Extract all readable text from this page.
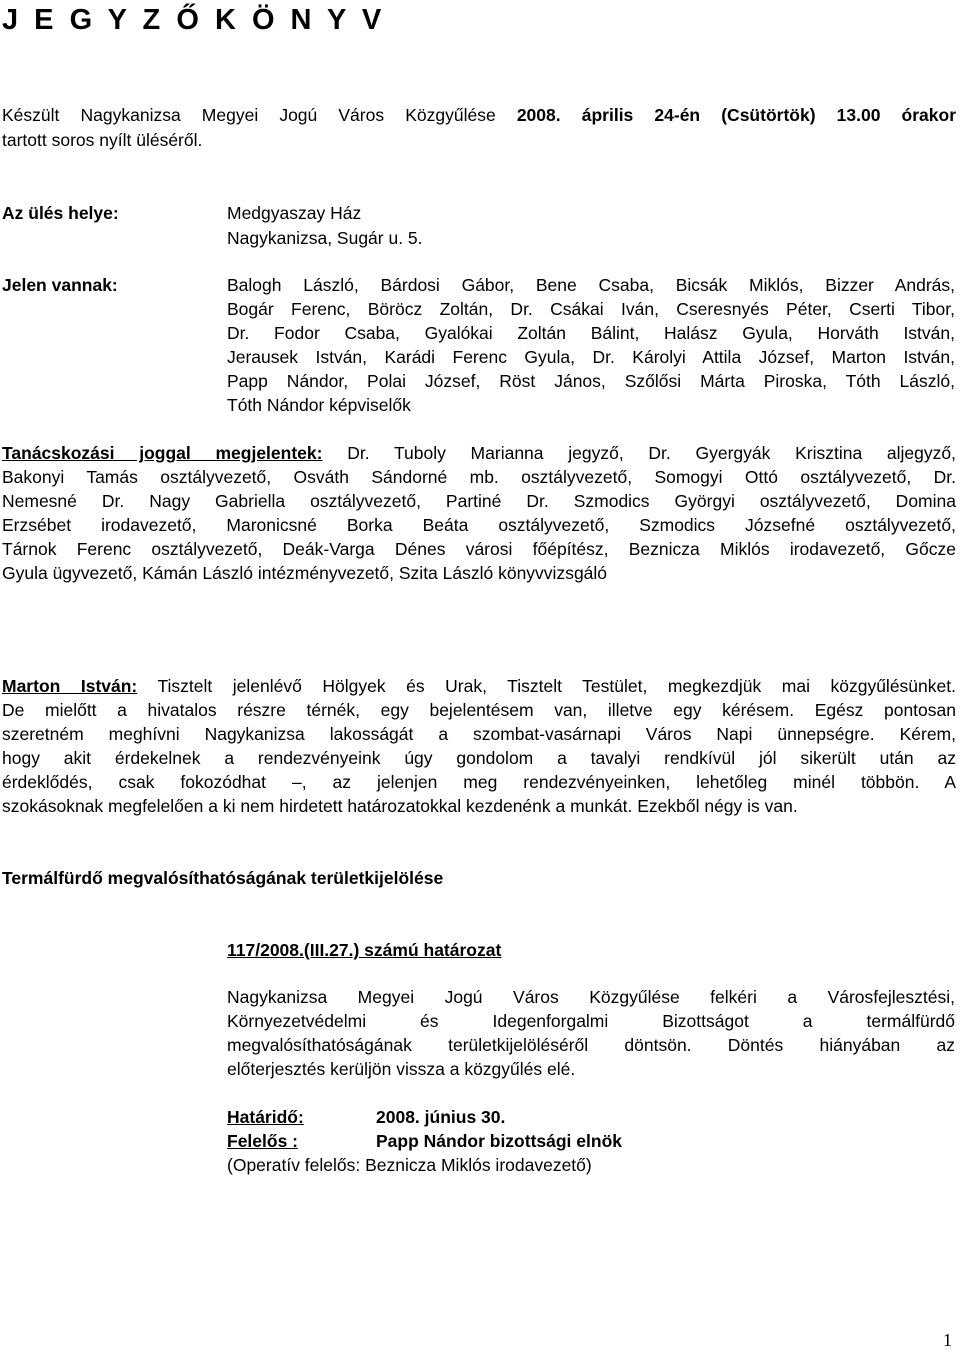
J E G Y Z Ő K Ö N Y V
Készült Nagykanizsa Megyei Jogú Város Közgyűlése 2008. április 24-én (Csütörtök) 13.00 órakor
tartott soros nyílt üléséről.
Az ülés helye:	Medgyaszay Ház
Nagykanizsa, Sugár u. 5.
Jelen vannak:	Balogh László, Bárdosi Gábor, Bene Csaba, Bicsák Miklós, Bizzer András,
Bogár Ferenc, Böröcz Zoltán, Dr. Csákai Iván, Cseresnyés Péter, Cserti Tibor,
Dr. Fodor Csaba, Gyalókai Zoltán Bálint, Halász Gyula, Horváth István,
Jerausek István, Karádi Ferenc Gyula, Dr. Károlyi Attila József, Marton István,
Papp Nándor, Polai József, Röst János, Szőlősi Márta Piroska, Tóth László,
Tóth Nándor képviselők
Tanácskozási joggal megjelentek: Dr. Tuboly Marianna jegyző, Dr. Gyergyák Krisztina aljegyző,
Bakonyi Tamás osztályvezető, Osváth Sándorné mb. osztályvezető, Somogyi Ottó osztályvezető, Dr.
Nemesné Dr. Nagy Gabriella osztályvezető, Partiné Dr. Szmodics Györgyi osztályvezető, Domina
Erzsébet irodavezető, Maronicsné Borka Beáta osztályvezető, Szmodics Józsefné osztályvezető,
Tárnok Ferenc osztályvezető, Deák-Varga Dénes városi főépítész, Beznicza Miklós irodavezető, Gőcze
Gyula ügyvezető, Kámán László intézményvezető, Szita László könyvvizsgáló
Marton István: Tisztelt jelenlévő Hölgyek és Urak, Tisztelt Testület, megkezdjük mai közgyűlésünket.
De mielőtt a hivatalos részre térnék, egy bejelentésem van, illetve egy kérésem. Egész pontosan
szeretném meghívni Nagykanizsa lakosságát a szombat-vasárnapi Város Napi ünnepségre. Kérem,
hogy akit érdekelnek a rendezvényeink úgy gondolom a tavalyi rendkívül jól sikerült után az
érdeklődés, csak fokozódhat –, az jelenjen meg rendezvényeinken, lehetőleg minél többön. A
szokásoknak megfelelően a ki nem hirdetett határozatokkal kezdenénk a munkát. Ezekből négy is van.
Termálfürdő megvalósíthatóságának területkijelölése
117/2008.(III.27.) számú határozat
Nagykanizsa Megyei Jogú Város Közgyűlése felkéri a Városfejlesztési,
Környezetvédelmi és Idegenforgalmi Bizottságot a termálfürdő
megvalósíthatóságának területkijelöléséről döntsön. Döntés hiányában az
előterjesztés kerüljön vissza a közgyűlés elé.
Határidő:	2008. június 30.
Felelős :	Papp Nándor bizottsági elnök
(Operatív felelős: Beznicza Miklós irodavezető)
1
